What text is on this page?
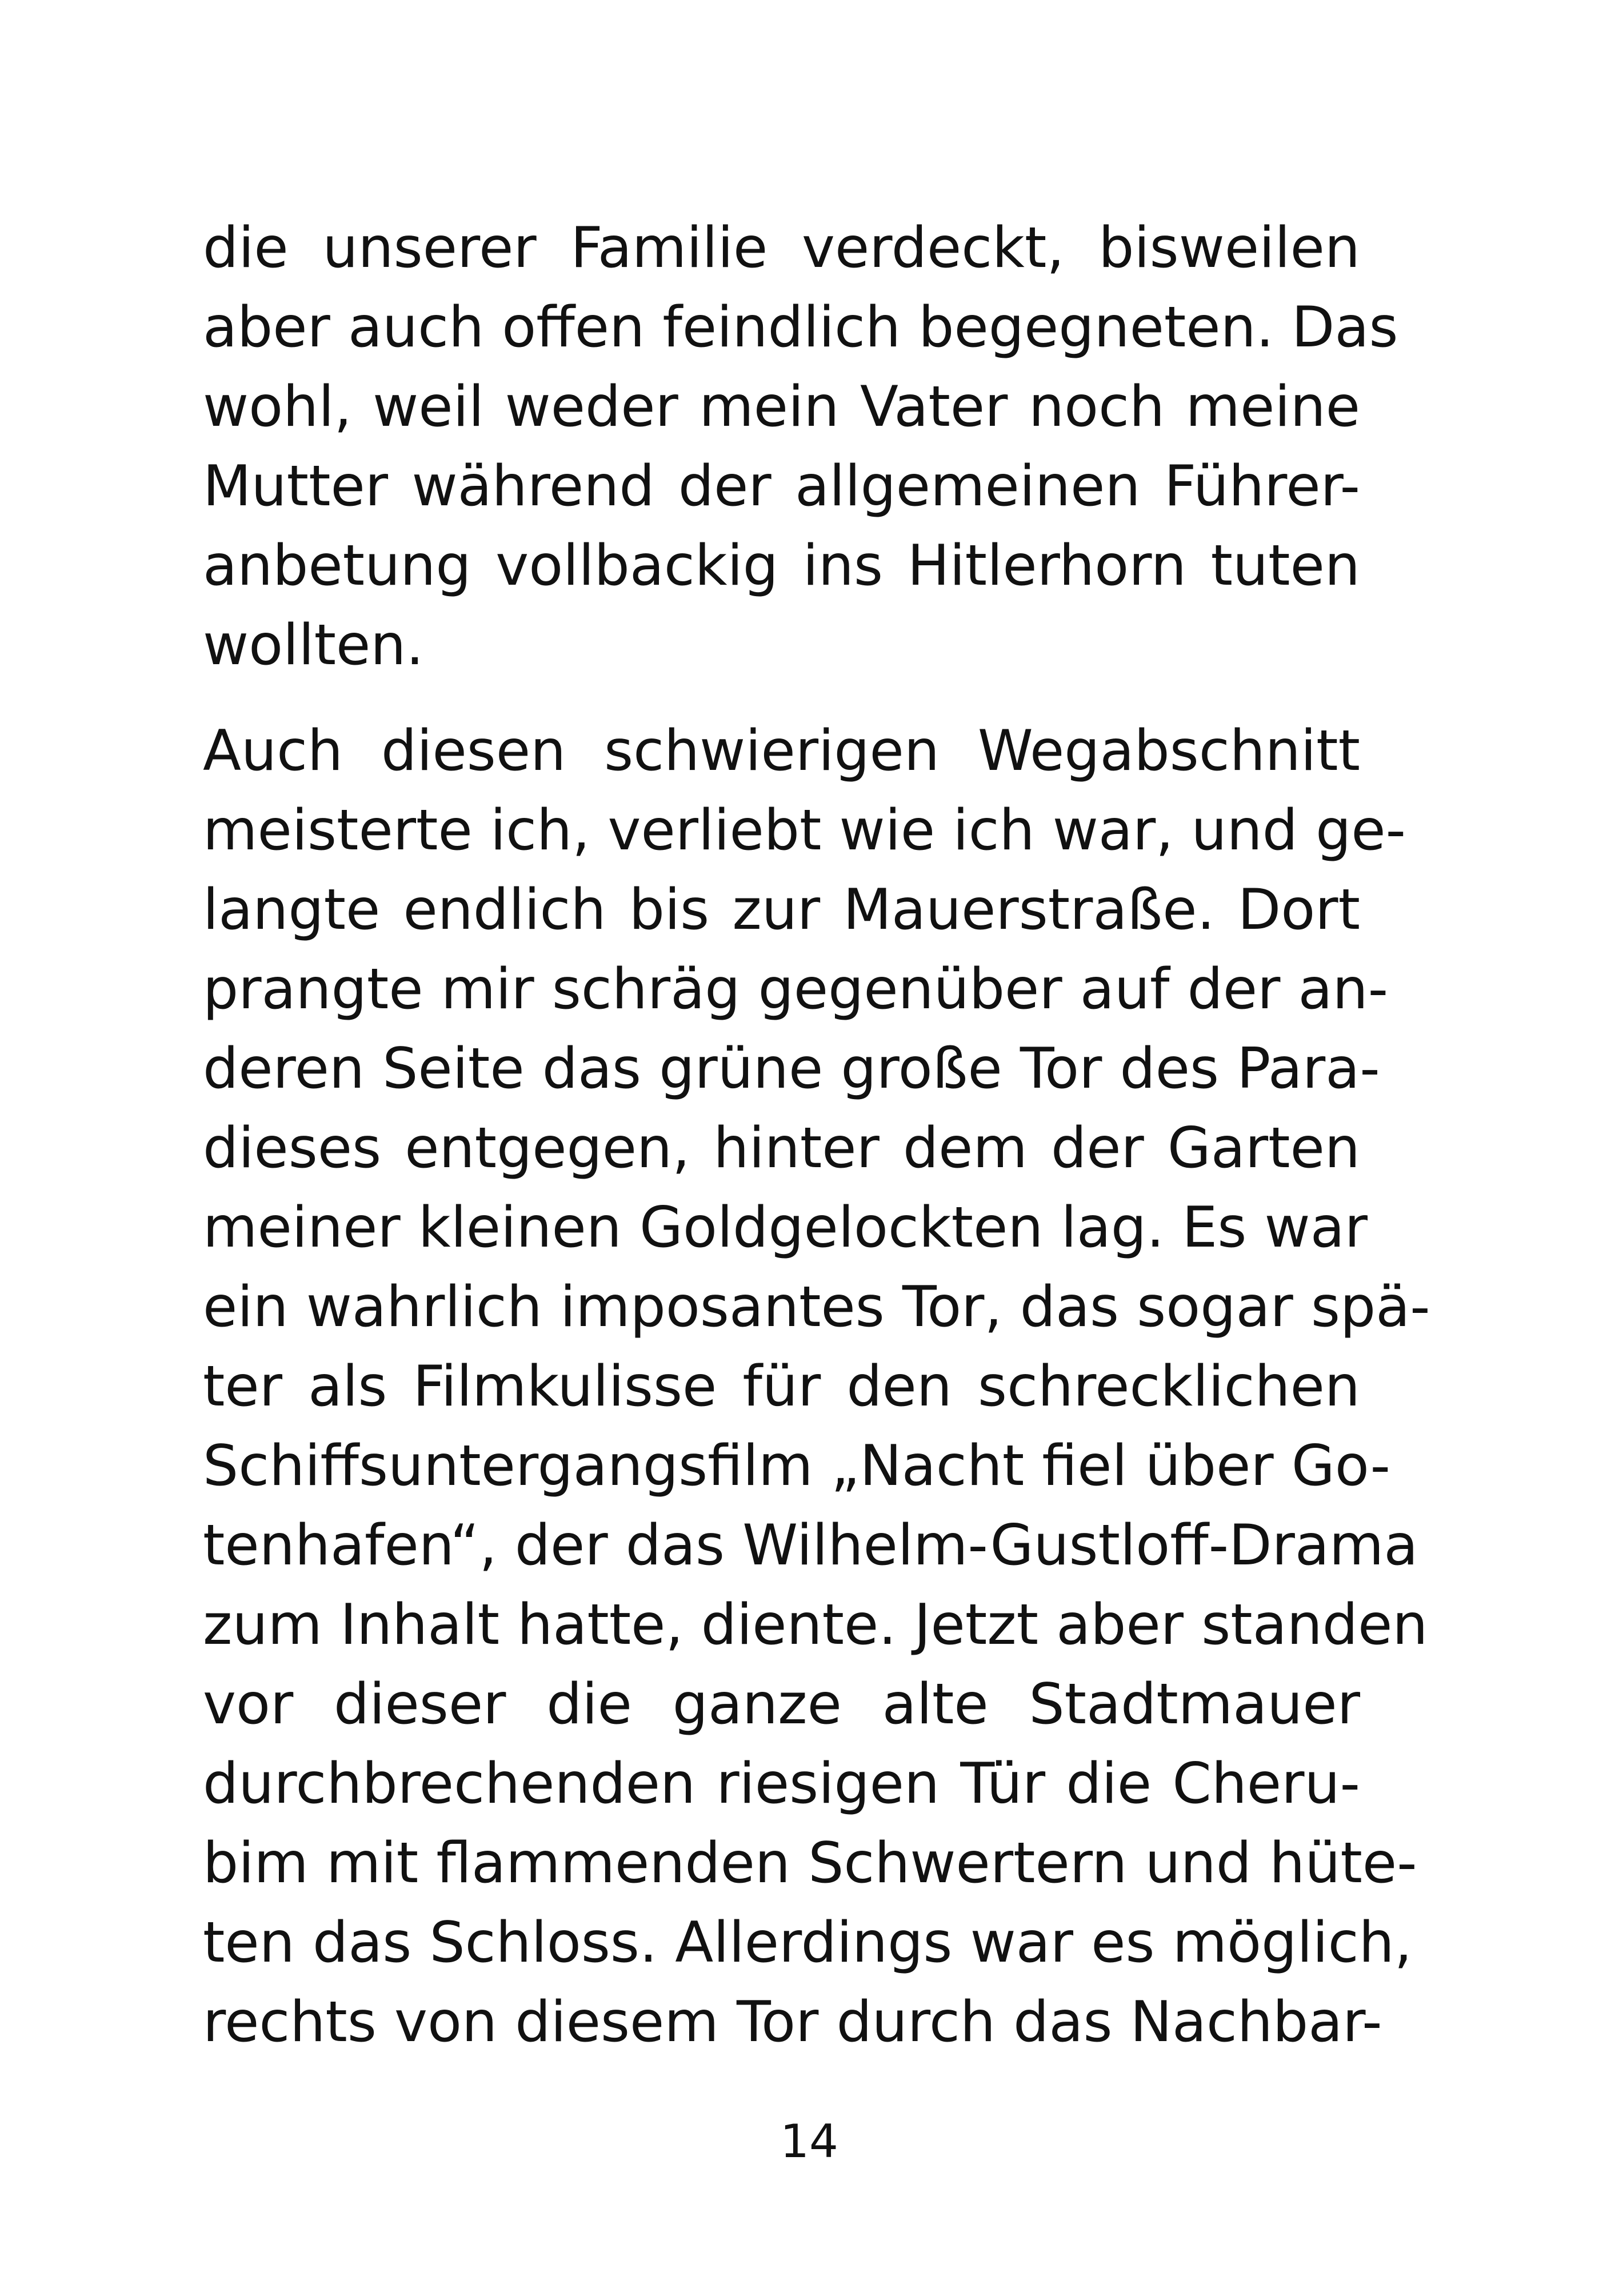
die unserer Familie verdeckt, bisweilen
aber auch offen feindlich begegneten. Das
wohl, weil weder mein Vater noch meine
Mutter während der allgemeinen Führer-
anbetung vollbackig ins Hitlerhorn tuten
wollten.
Auch diesen schwierigen Wegabschnitt
meisterte ich, verliebt wie ich war, und ge-
langte endlich bis zur Mauerstraße. Dort
prangte mir schräg gegenüber auf der an-
deren Seite das grüne große Tor des Para-
dieses entgegen, hinter dem der Garten
meiner kleinen Goldgelockten lag. Es war
ein wahrlich imposantes Tor, das sogar spä-
ter als Filmkulisse für den schrecklichen
Schiffsuntergangsfilm „Nacht fiel über Go-
tenhafen“, der das Wilhelm-Gustloff-Drama
zum Inhalt hatte, diente. Jetzt aber standen
vor dieser die ganze alte Stadtmauer
durchbrechenden riesigen Tür die Cheru-
bim mit flammenden Schwertern und hüte-
ten das Schloss. Allerdings war es möglich,
rechts von diesem Tor durch das Nachbar-
14
